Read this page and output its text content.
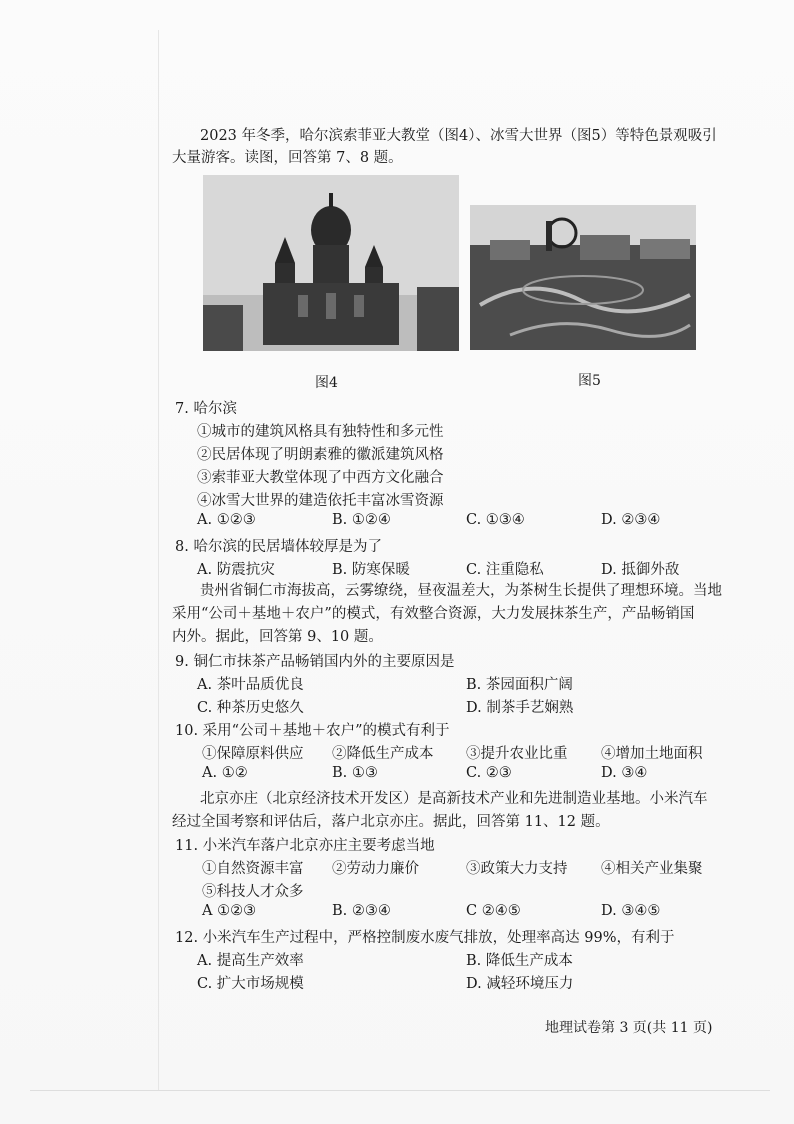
2023 年冬季，哈尔滨索菲亚大教堂（图4）、冰雪大世界（图5）等特色景观吸引
大量游客。读图，回答第 7、8 题。
图4	图5
7. 哈尔滨
①城市的建筑风格具有独特性和多元性
②民居体现了明朗素雅的徽派建筑风格
③索菲亚大教堂体现了中西方文化融合
④冰雪大世界的建造依托丰富冰雪资源
A. ①②③	B. ①②④	C. ①③④	D. ②③④
8. 哈尔滨的民居墙体较厚是为了
A. 防震抗灾	B. 防寒保暖	C. 注重隐私	D. 抵御外敌
贵州省铜仁市海拔高，云雾缭绕，昼夜温差大，为茶树生长提供了理想环境。当地
采用“公司＋基地＋农户”的模式，有效整合资源，大力发展抹茶生产，产品畅销国
内外。据此，回答第 9、10 题。
9. 铜仁市抹茶产品畅销国内外的主要原因是
A. 茶叶品质优良	B. 茶园面积广阔
C. 种茶历史悠久	D. 制茶手艺娴熟
10. 采用“公司＋基地＋农户”的模式有利于
①保障原料供应 ②降低生产成本 ③提升农业比重 ④增加土地面积
A. ①②	B. ①③	C. ②③	D. ③④
北京亦庄（北京经济技术开发区）是高新技术产业和先进制造业基地。小米汽车
经过全国考察和评估后，落户北京亦庄。据此，回答第 11、12 题。
11. 小米汽车落户北京亦庄主要考虑当地
①自然资源丰富 ②劳动力廉价	③政策大力支持 ④相关产业集聚
⑤科技人才众多
A ①②③	B. ②③④	C ②④⑤	D. ③④⑤
12. 小米汽车生产过程中，严格控制废水废气排放，处理率高达 99%，有利于
A. 提高生产效率	B. 降低生产成本
C. 扩大市场规模	D. 减轻环境压力
地理试卷第 3 页(共 11 页)
